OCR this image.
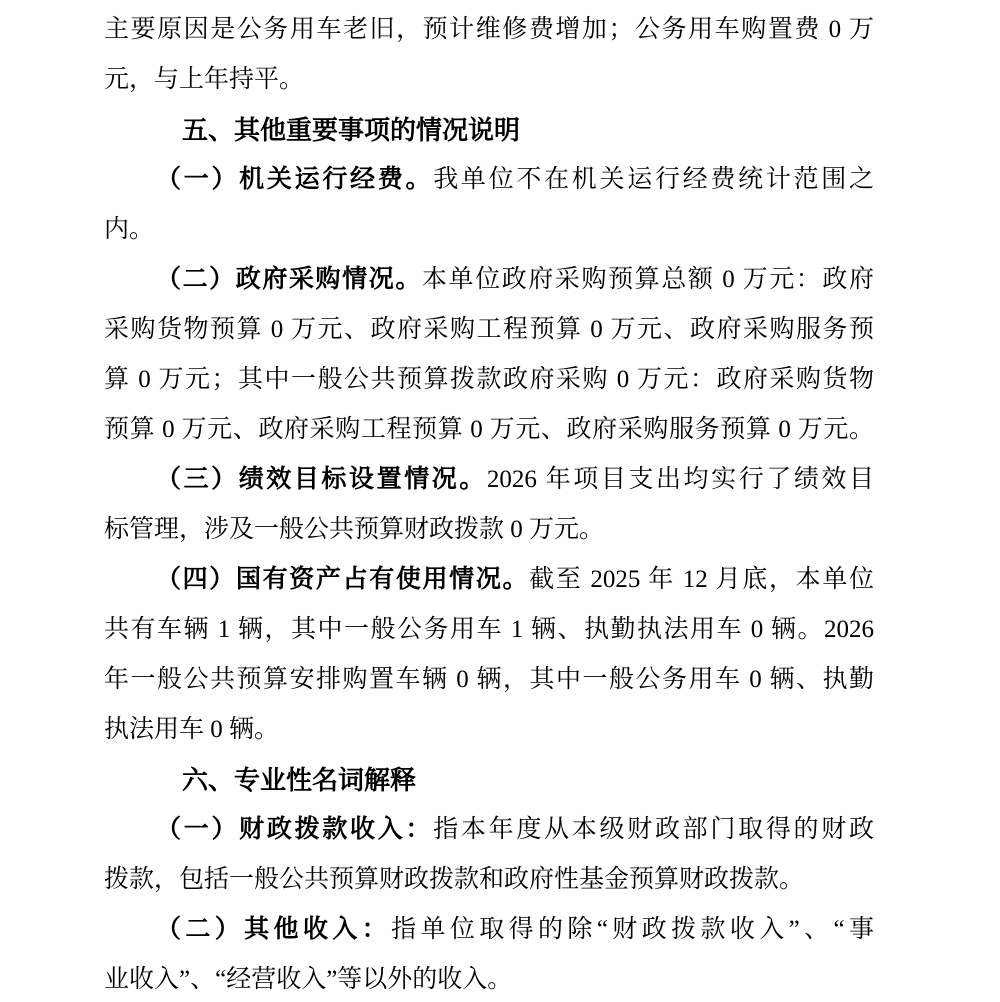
主要原因是公务用车老旧，预计维修费增加；公务用车购置费 0 万

元，与上年持平。

五、其他重要事项的情况说明

（一）机关运行经费。我单位不在机关运行经费统计范围之

内。

（二）政府采购情况。本单位政府采购预算总额 0 万元：政府

采购货物预算 0 万元、政府采购工程预算 0 万元、政府采购服务预

算 0 万元；其中一般公共预算拨款政府采购 0 万元：政府采购货物

预算 0 万元、政府采购工程预算 0 万元、政府采购服务预算 0 万元。

（三）绩效目标设置情况。2026 年项目支出均实行了绩效目

标管理，涉及一般公共预算财政拨款 0 万元。

（四）国有资产占有使用情况。截至 2025 年 12 月底，本单位

共有车辆 1 辆，其中一般公务用车 1 辆、执勤执法用车 0 辆。2026

年一般公共预算安排购置车辆 0 辆，其中一般公务用车 0 辆、执勤

执法用车 0 辆。

六、专业性名词解释

（一）财政拨款收入：指本年度从本级财政部门取得的财政

拨款，包括一般公共预算财政拨款和政府性基金预算财政拨款。

（二）其他收入：指单位取得的除“财政拨款收入”、“事

业收入”、“经营收入”等以外的收入。
